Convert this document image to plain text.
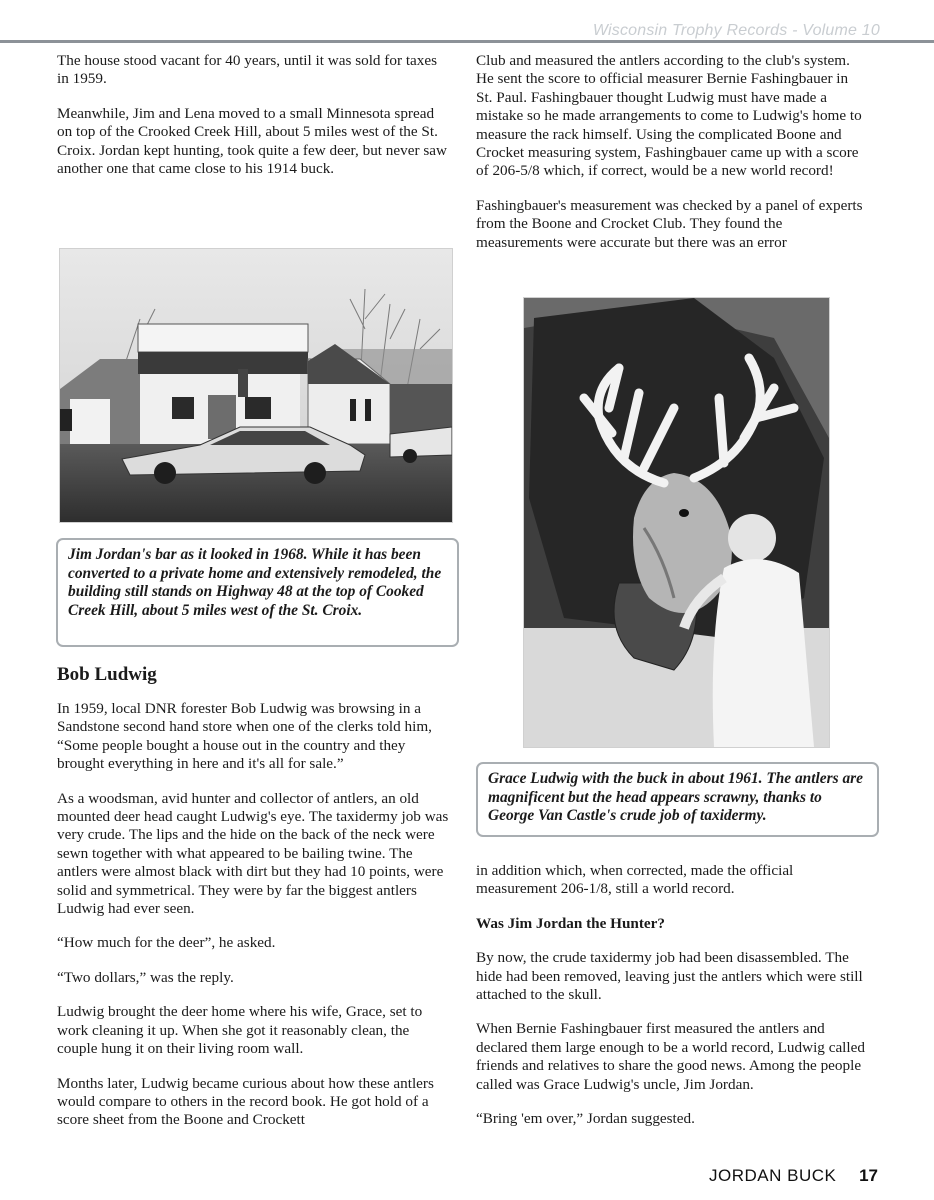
Wisconsin Trophy Records - Volume 10

The house stood vacant for 40 years, until it was sold for taxes in 1959.

Meanwhile, Jim and Lena moved to a small Minnesota spread on top of the Crooked Creek Hill, about 5 miles west of the St. Croix. Jordan kept hunting, took quite a few deer, but never saw another one that came close to his 1914 buck.

Jim Jordan's bar as it looked in 1968. While it has been converted to a private home and extensively remodeled, the building still stands on Highway 48 at the top of Cooked Creek Hill, about 5 miles west of the St. Croix.
Bob Ludwig

In 1959, local DNR forester Bob Ludwig was browsing in a Sandstone second hand store when one of the clerks told him, “Some people bought a house out in the country and they brought everything in here and it's all for sale.”

As a woodsman, avid hunter and collector of antlers, an old mounted deer head caught Ludwig's eye. The taxidermy job was very crude. The lips and the hide on the back of the neck were sewn together with what appeared to be bailing twine. The antlers were almost black with dirt but they had 10 points, were solid and symmetrical. They were by far the biggest antlers Ludwig had ever seen.

“How much for the deer”, he asked.

“Two dollars,” was the reply.

Ludwig brought the deer home where his wife, Grace, set to work cleaning it up. When she got it reasonably clean, the couple hung it on their living room wall.

Months later, Ludwig became curious about how these antlers would compare to others in the record book. He got hold of a score sheet from the Boone and Crockett

Club and measured the antlers according to the club's system. He sent the score to official measurer Bernie Fashingbauer in St. Paul. Fashingbauer thought Ludwig must have made a mistake so he made arrangements to come to Ludwig's home to measure the rack himself. Using the complicated Boone and Crocket measuring system, Fashingbauer came up with a score of 206-5/8 which, if correct, would be a new world record!

Fashingbauer's measurement was checked by a panel of experts from the Boone and Crocket Club. They found the measurements were accurate but there was an error

Grace Ludwig with the buck in about 1961. The antlers are magnificent but the head appears scrawny, thanks to George Van Castle's crude job of taxidermy.

in addition which, when corrected, made the official measurement 206-1/8, still a world record.

Was Jim Jordan the Hunter?

By now, the crude taxidermy job had been disassembled. The hide had been removed, leaving just the antlers which were still attached to the skull.

When Bernie Fashingbauer first measured the antlers and declared them large enough to be a world record, Ludwig called friends and relatives to share the good news. Among the people called was Grace Ludwig's uncle, Jim Jordan.

“Bring 'em over,” Jordan suggested.

JORDAN BUCK 17
